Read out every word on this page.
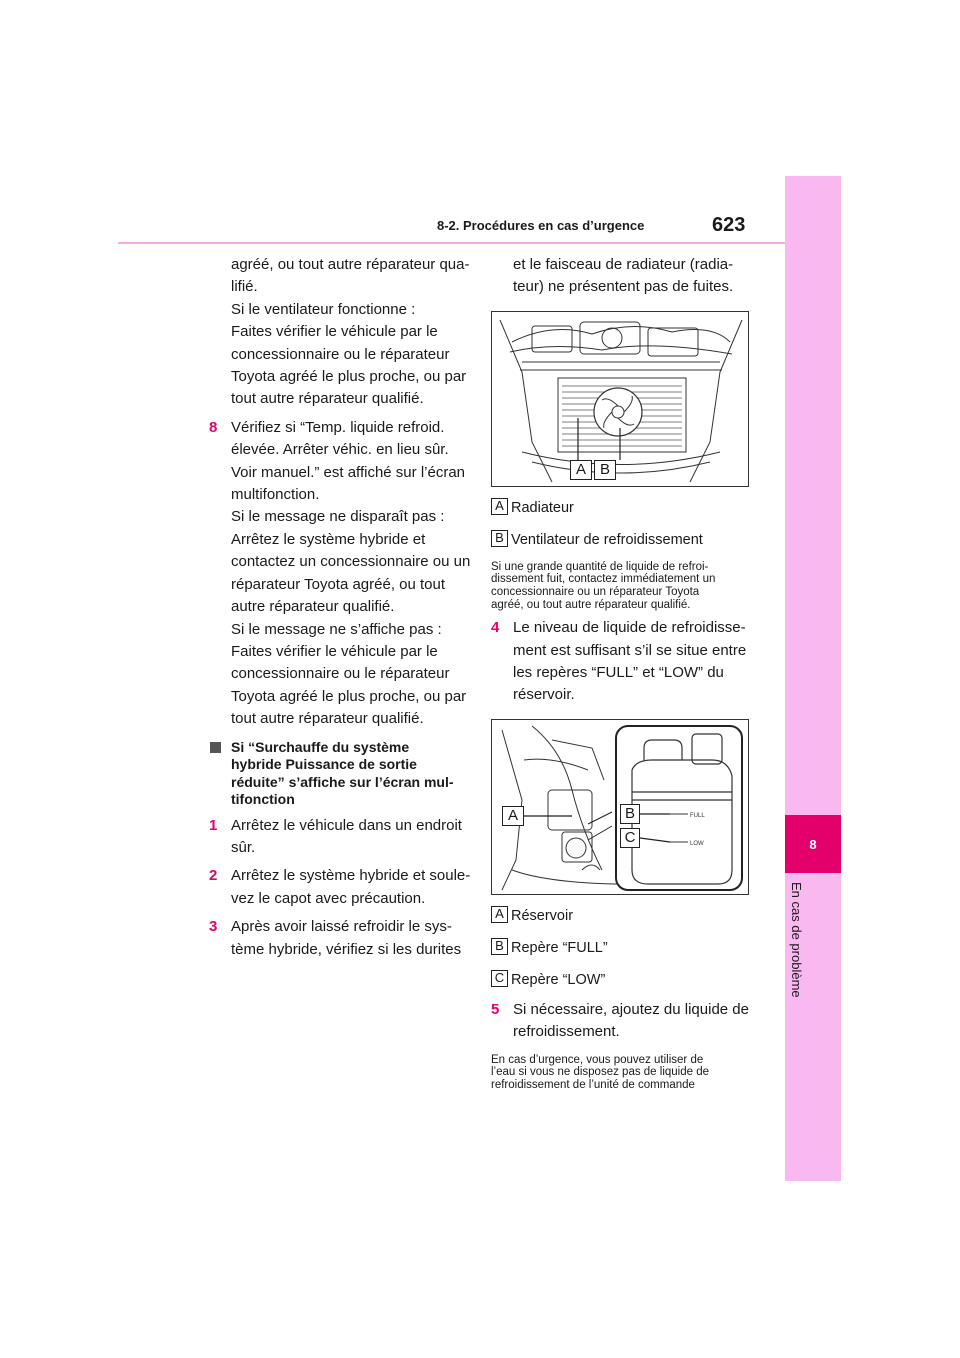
8-2. Procédures en cas d’urgence	623
8
En cas de problème
agréé, ou tout autre réparateur qua-
lifié.
Si le ventilateur fonctionne :
Faites vérifier le véhicule par le
concessionnaire ou le réparateur
Toyota agréé le plus proche, ou par
tout autre réparateur qualifié.
8 Vérifiez si “Temp. liquide refroid.
élevée. Arrêter véhic. en lieu sûr.
Voir manuel.” est affiché sur l’écran
multifonction.
Si le message ne disparaît pas :
Arrêtez le système hybride et
contactez un concessionnaire ou un
réparateur Toyota agréé, ou tout
autre réparateur qualifié.
Si le message ne s’affiche pas :
Faites vérifier le véhicule par le
concessionnaire ou le réparateur
Toyota agréé le plus proche, ou par
tout autre réparateur qualifié.
Si “Surchauffe du système
hybride Puissance de sortie
réduite” s’affiche sur l’écran mul-
tifonction
1 Arrêtez le véhicule dans un endroit
sûr.
2 Arrêtez le système hybride et soule-
vez le capot avec précaution.
3 Après avoir laissé refroidir le sys-
tème hybride, vérifiez si les durites
et le faisceau de radiateur (radia-
teur) ne présentent pas de fuites.
A B
A Radiateur
B Ventilateur de refroidissement
Si une grande quantité de liquide de refroi-
dissement fuit, contactez immédiatement un
concessionnaire ou un réparateur Toyota
agréé, ou tout autre réparateur qualifié.
4 Le niveau de liquide de refroidisse-
ment est suffisant s’il se situe entre
les repères “FULL” et “LOW” du
réservoir.
FULL
LOW
A	B
C
A Réservoir
B Repère “FULL”
C Repère “LOW”
5 Si nécessaire, ajoutez du liquide de
refroidissement.
En cas d’urgence, vous pouvez utiliser de
l’eau si vous ne disposez pas de liquide de
refroidissement de l’unité de commande
